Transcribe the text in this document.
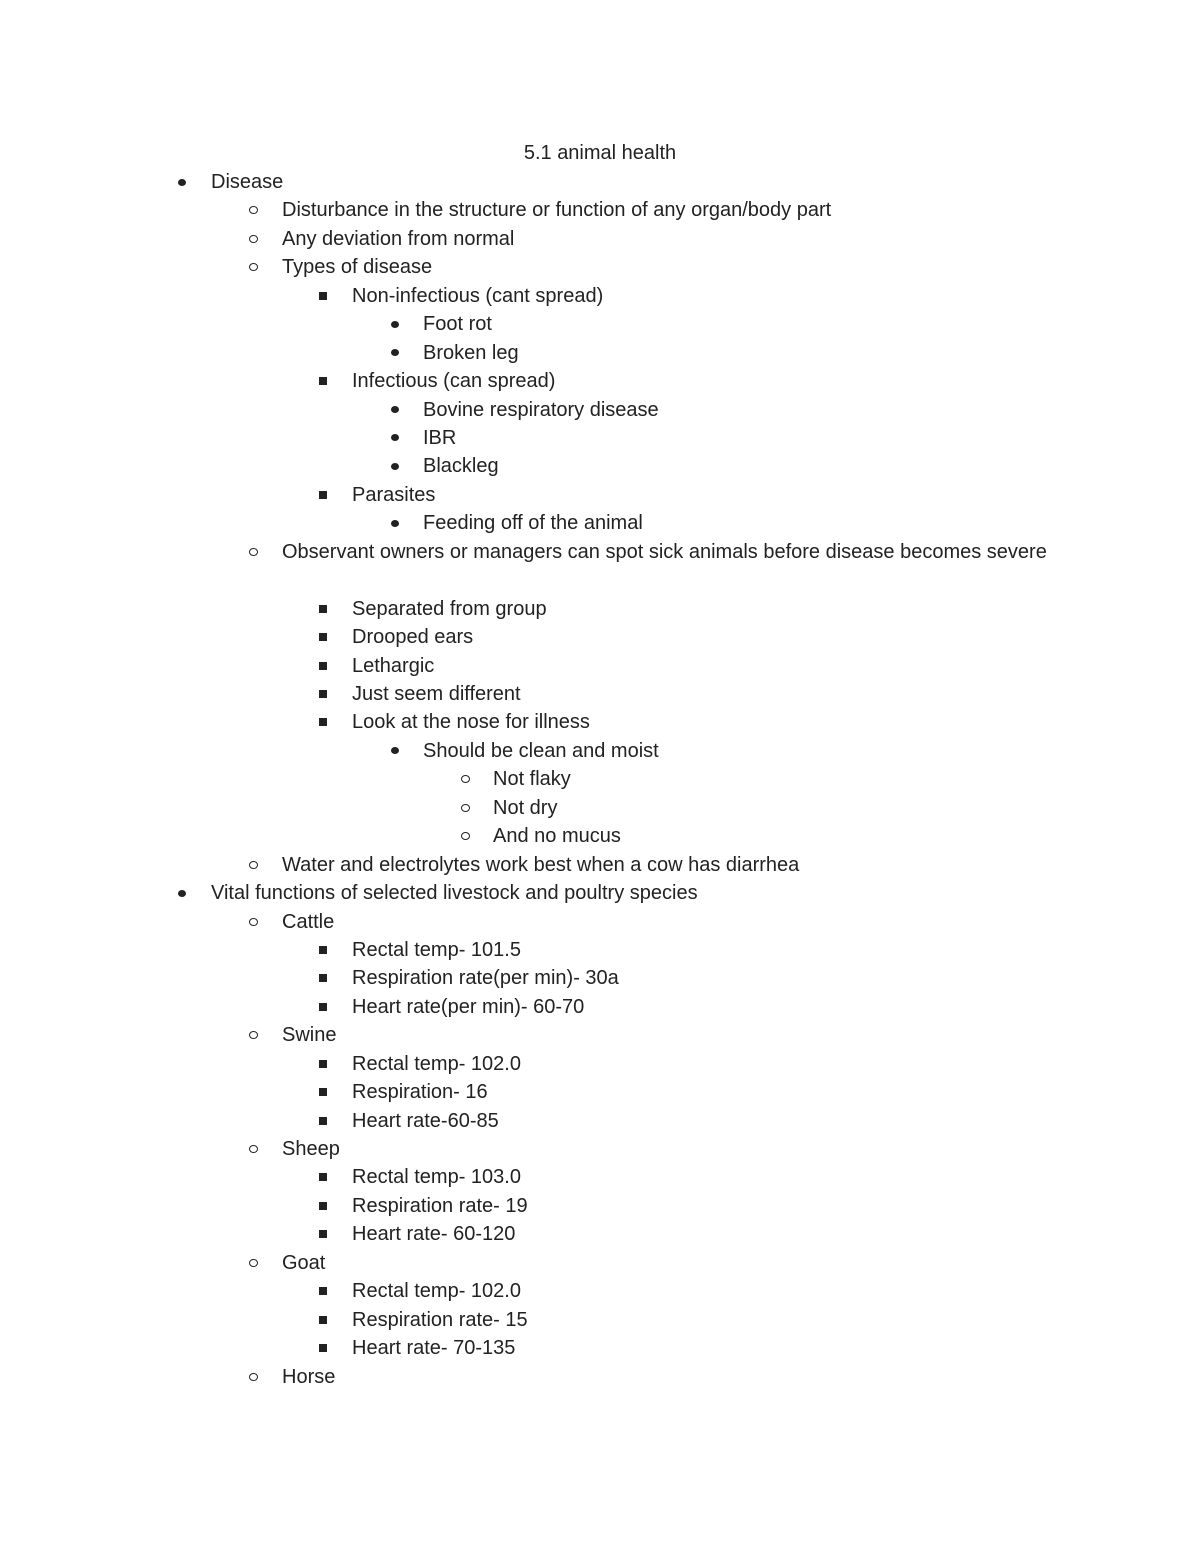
5.1 animal health
Disease
Disturbance in the structure or function of any organ/body part
Any deviation from normal
Types of disease
Non-infectious (cant spread)
Foot rot
Broken leg
Infectious (can spread)
Bovine respiratory disease
IBR
Blackleg
Parasites
Feeding off of the animal
Observant owners or managers can spot sick animals before disease becomes severe
Separated from group
Drooped ears
Lethargic
Just seem different
Look at the nose for illness
Should be clean and moist
Not flaky
Not dry
And no mucus
Water and electrolytes work best when a cow has diarrhea
Vital functions of selected livestock and poultry species
Cattle
Rectal temp- 101.5
Respiration rate(per min)- 30a
Heart rate(per min)- 60-70
Swine
Rectal temp- 102.0
Respiration- 16
Heart rate-60-85
Sheep
Rectal temp- 103.0
Respiration rate- 19
Heart rate- 60-120
Goat
Rectal temp- 102.0
Respiration rate- 15
Heart rate- 70-135
Horse
